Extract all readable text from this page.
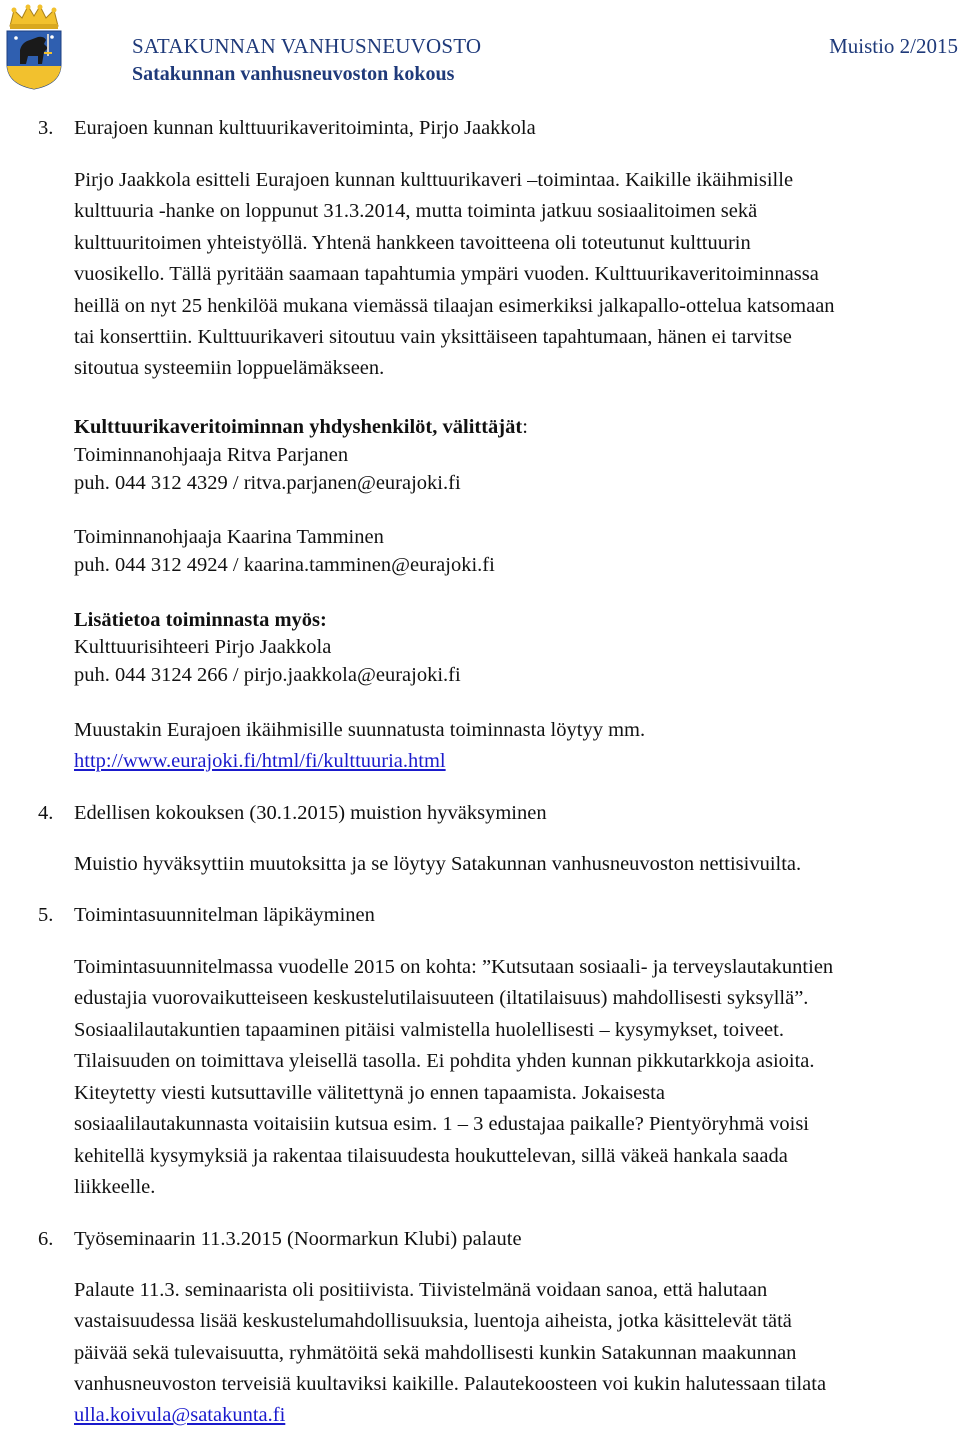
SATAKUNNAN VANHUSNEUVOSTO	Muistio 2/2015
Satakunnan vanhusneuvoston kokous
3. Eurajoen kunnan kulttuurikaveritoiminta, Pirjo Jaakkola
Pirjo Jaakkola esitteli Eurajoen kunnan kulttuurikaveri –toimintaa. Kaikille ikäihmisille
kulttuuria -hanke on loppunut 31.3.2014, mutta toiminta jatkuu sosiaalitoimen sekä
kulttuuritoimen yhteistyöllä. Yhtenä hankkeen tavoitteena oli toteutunut kulttuurin
vuosikello. Tällä pyritään saamaan tapahtumia ympäri vuoden. Kulttuurikaveritoiminnassa
heillä on nyt 25 henkilöä mukana viemässä tilaajan esimerkiksi jalkapallo-ottelua katsomaan
tai konserttiin. Kulttuurikaveri sitoutuu vain yksittäiseen tapahtumaan, hänen ei tarvitse
sitoutua systeemiin loppuelämäkseen.
Kulttuurikaveritoiminnan yhdyshenkilöt, välittäjät:
Toiminnanohjaaja Ritva Parjanen
puh. 044 312 4329 / ritva.parjanen@eurajoki.fi
Toiminnanohjaaja Kaarina Tamminen
puh. 044 312 4924 / kaarina.tamminen@eurajoki.fi
Lisätietoa toiminnasta myös:
Kulttuurisihteeri Pirjo Jaakkola
puh. 044 3124 266 / pirjo.jaakkola@eurajoki.fi
Muustakin Eurajoen ikäihmisille suunnatusta toiminnasta löytyy mm.
http://www.eurajoki.fi/html/fi/kulttuuria.html
4. Edellisen kokouksen (30.1.2015) muistion hyväksyminen
Muistio hyväksyttiin muutoksitta ja se löytyy Satakunnan vanhusneuvoston nettisivuilta.
5. Toimintasuunnitelman läpikäyminen
Toimintasuunnitelmassa vuodelle 2015 on kohta: ”Kutsutaan sosiaali- ja terveyslautakuntien
edustajia vuorovaikutteiseen keskustelutilaisuuteen (iltatilaisuus) mahdollisesti syksyllä”.
Sosiaalilautakuntien tapaaminen pitäisi valmistella huolellisesti – kysymykset, toiveet.
Tilaisuuden on toimittava yleisellä tasolla. Ei pohdita yhden kunnan pikkutarkkoja asioita.
Kiteytetty viesti kutsuttaville välitettynä jo ennen tapaamista. Jokaisesta
sosiaalilautakunnasta voitaisiin kutsua esim. 1 – 3 edustajaa paikalle? Pientyöryhmä voisi
kehitellä kysymyksiä ja rakentaa tilaisuudesta houkuttelevan, sillä väkeä hankala saada
liikkeelle.
6. Työseminaarin 11.3.2015 (Noormarkun Klubi) palaute
Palaute 11.3. seminaarista oli positiivista. Tiivistelmänä voidaan sanoa, että halutaan
vastaisuudessa lisää keskustelumahdollisuuksia, luentoja aiheista, jotka käsittelevät tätä
päivää sekä tulevaisuutta, ryhmätöitä sekä mahdollisesti kunkin Satakunnan maakunnan
vanhusneuvoston terveisiä kuultaviksi kaikille. Palautekoosteen voi kukin halutessaan tilata
ulla.koivula@satakunta.fi
